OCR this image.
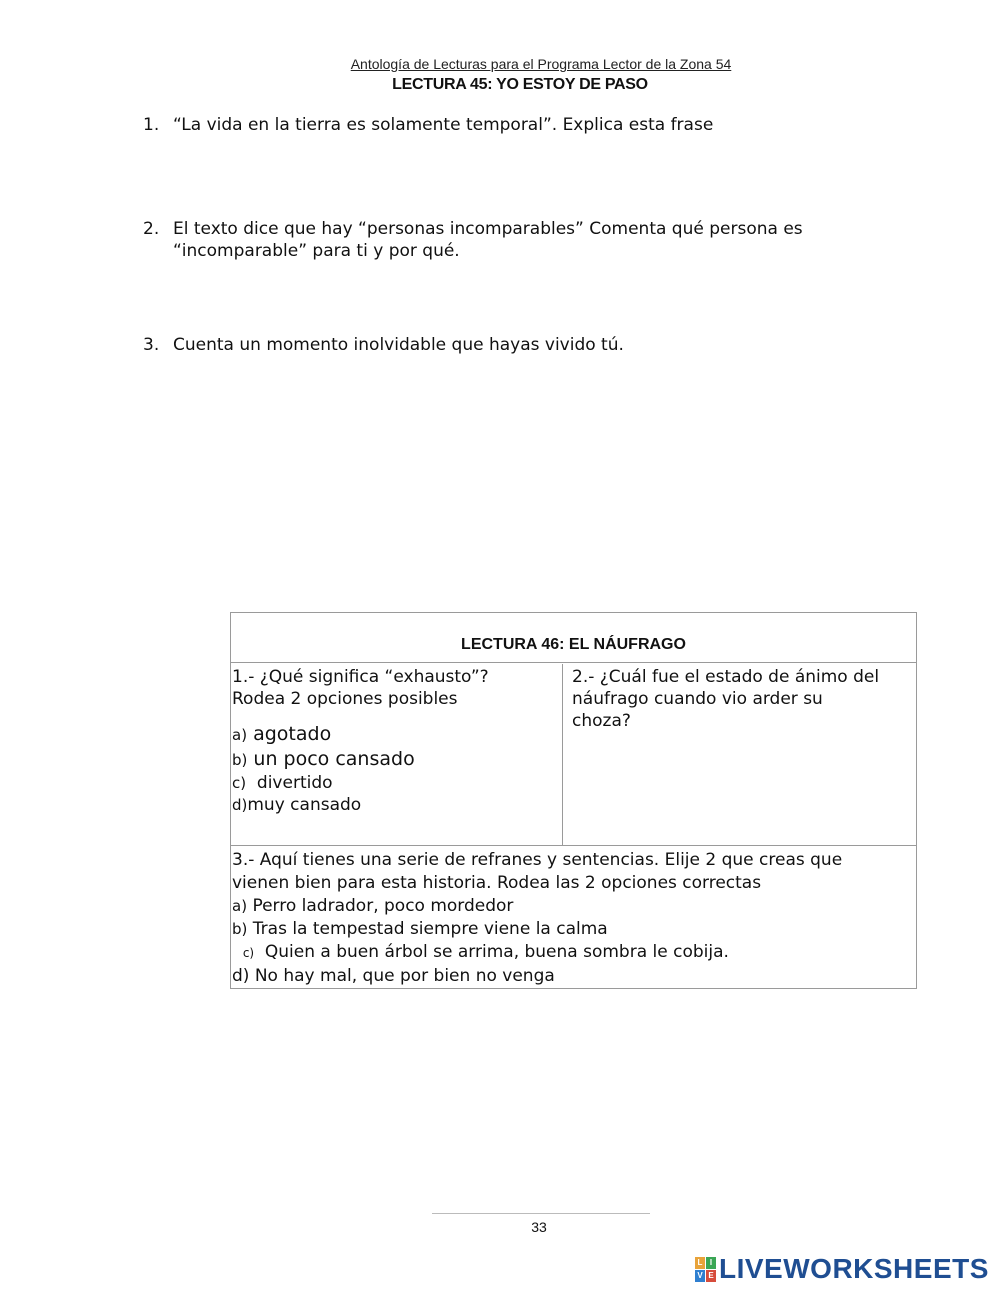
Antología de Lecturas para el Programa Lector de la Zona 54
LECTURA 45: YO ESTOY DE PASO
1. “La vida en la tierra es solamente temporal”. Explica esta frase
2. El texto dice que hay “personas incomparables” Comenta qué persona es
“incomparable” para ti y por qué.
3. Cuenta un momento inolvidable que hayas vivido tú.
LECTURA 46: EL NÁUFRAGO
1.- ¿Qué significa “exhausto”?
Rodea 2 opciones posibles
a) agotado
b) un poco cansado
c) divertido
d)muy cansado
2.- ¿Cuál fue el estado de ánimo del
náufrago cuando vio arder su
choza?
3.- Aquí tienes una serie de refranes y sentencias. Elije 2 que creas que
vienen bien para esta historia. Rodea las 2 opciones correctas
a) Perro ladrador, poco mordedor
b) Tras la tempestad siempre viene la calma
c) Quien a buen árbol se arrima, buena sombra le cobija.
d) No hay mal, que por bien no venga
33
L I
V E LIVEWORKSHEETS
